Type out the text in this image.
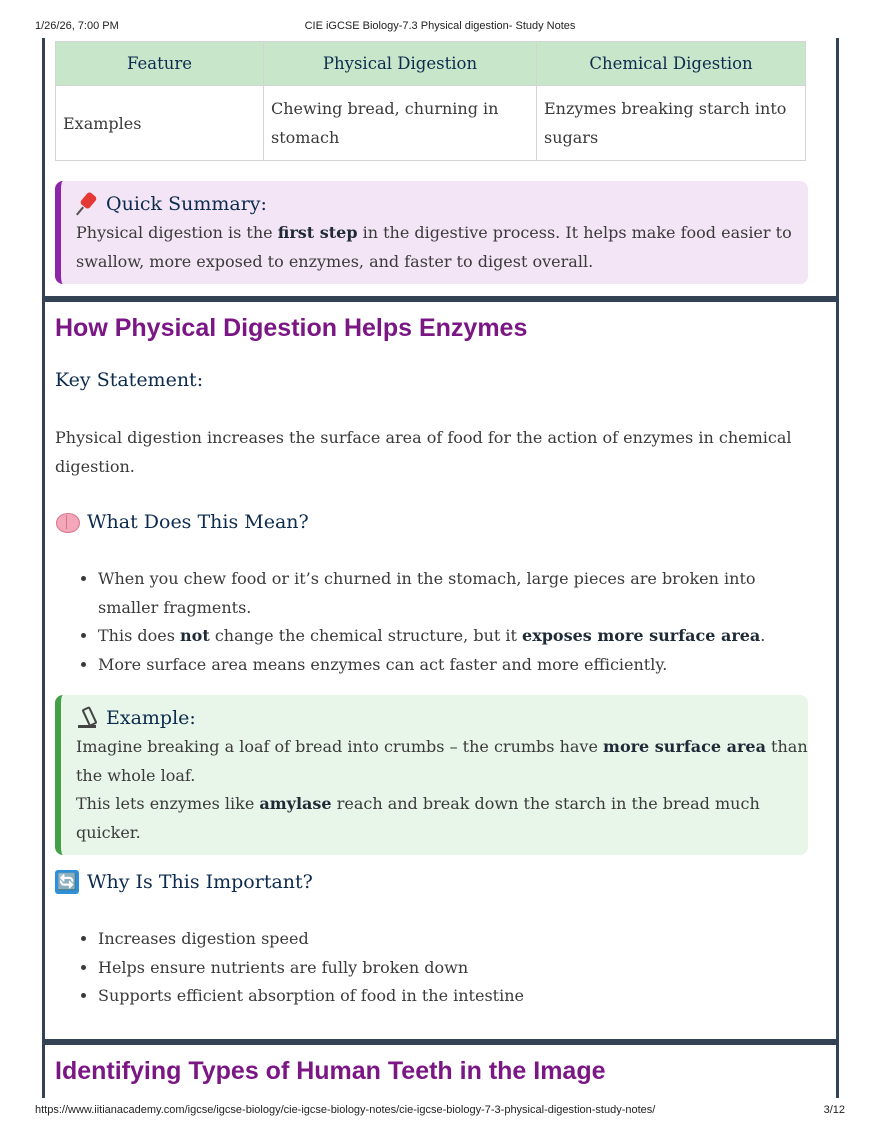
1/26/26, 7:00 PM	CIE iGCSE Biology-7.3 Physical digestion- Study Notes
Feature	Physical Digestion	Chemical Digestion
Examples	Chewing bread, churning in stomach	Enzymes breaking starch into sugars
Quick Summary:

Physical digestion is the first step in the digestive process. It helps make food easier to swallow, more exposed to enzymes, and faster to digest overall.

How Physical Digestion Helps Enzymes
Key Statement:

Physical digestion increases the surface area of food for the action of enzymes in chemical digestion.

What Does This Mean?
• When you chew food or it’s churned in the stomach, large pieces are broken into smaller fragments.
• This does not change the chemical structure, but it exposes more surface area.
• More surface area means enzymes can act faster and more efficiently.
Example:

Imagine breaking a loaf of bread into crumbs – the crumbs have more surface area than the whole loaf.

This lets enzymes like amylase reach and break down the starch in the bread much quicker.

🔄 Why Is This Important?
• Increases digestion speed
• Helps ensure nutrients are fully broken down
• Supports efficient absorption of food in the intestine
Identifying Types of Human Teeth in the Image
https://www.iitianacademy.com/igcse/igcse-biology/cie-igcse-biology-notes/cie-igcse-biology-7-3-physical-digestion-study-notes/	3/12
